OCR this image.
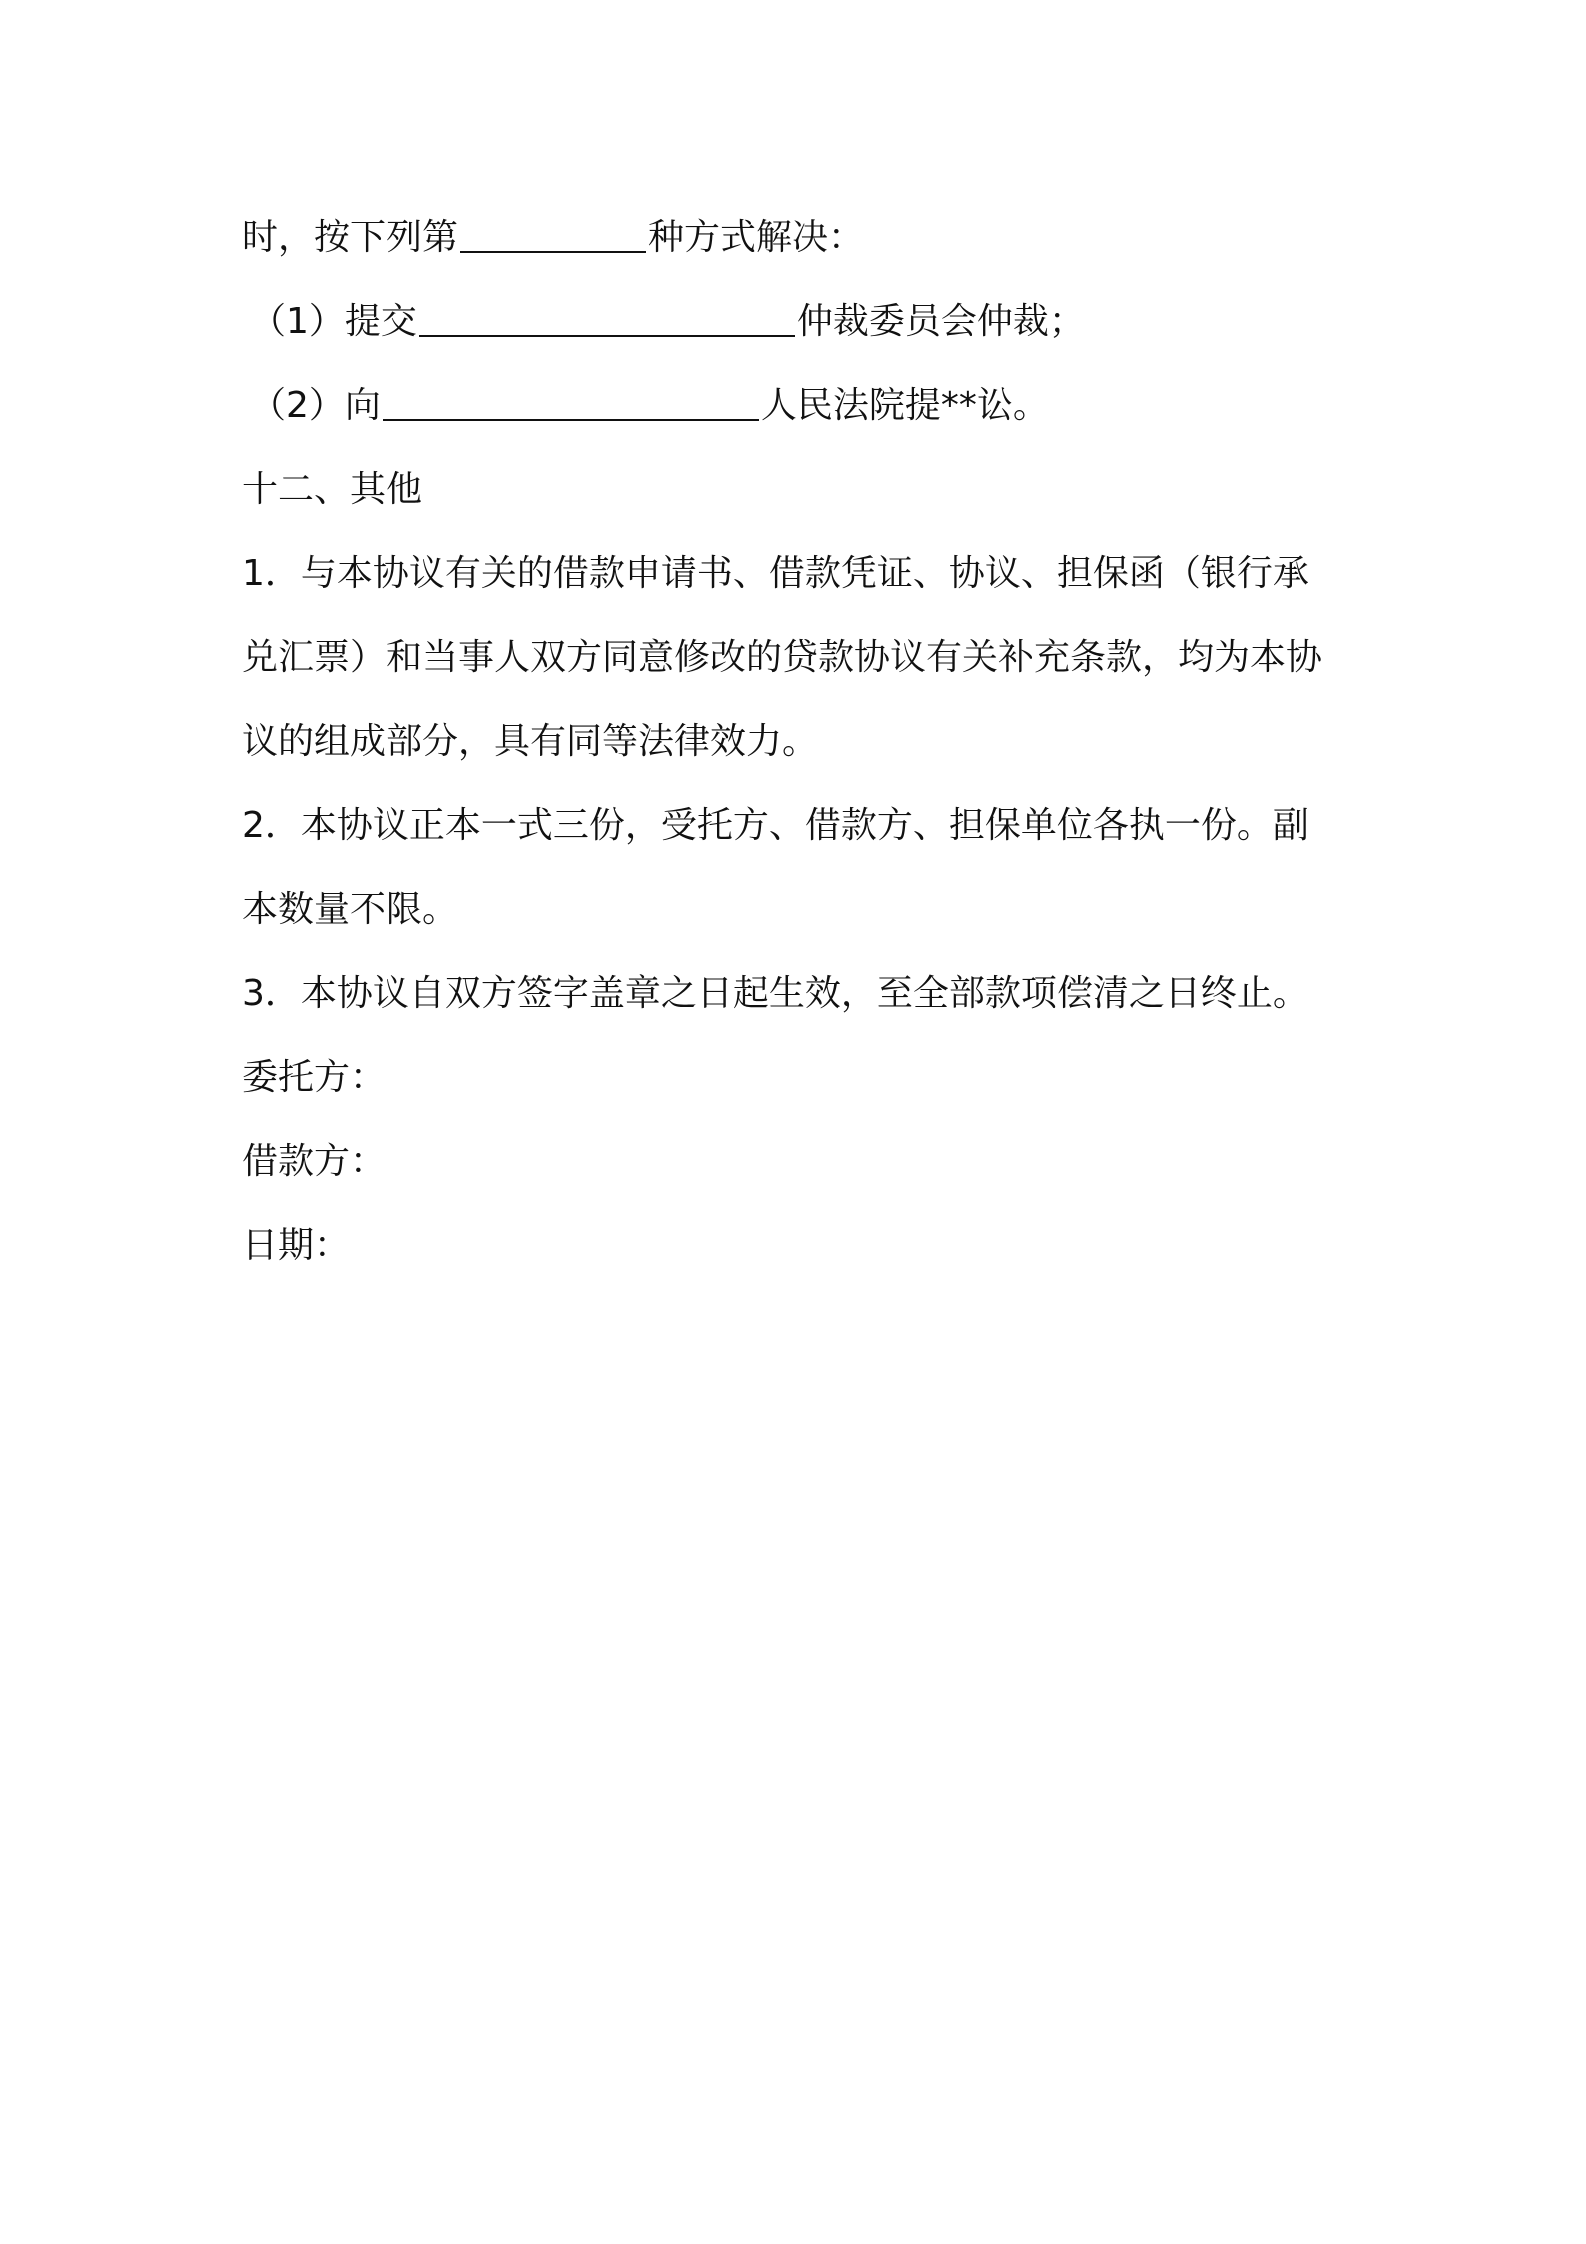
时，按下列第	种方式解决：
（1）提交	仲裁委员会仲裁；
（2）向	人民法院提**讼。
十二、其他
1．与本协议有关的借款申请书、借款凭证、协议、担保函（银行承
兑汇票）和当事人双方同意修改的贷款协议有关补充条款，均为本协
议的组成部分，具有同等法律效力。
2．本协议正本一式三份，受托方、借款方、担保单位各执一份。副
本数量不限。
3．本协议自双方签字盖章之日起生效，至全部款项偿清之日终止。
委托方：
借款方：
日期：
